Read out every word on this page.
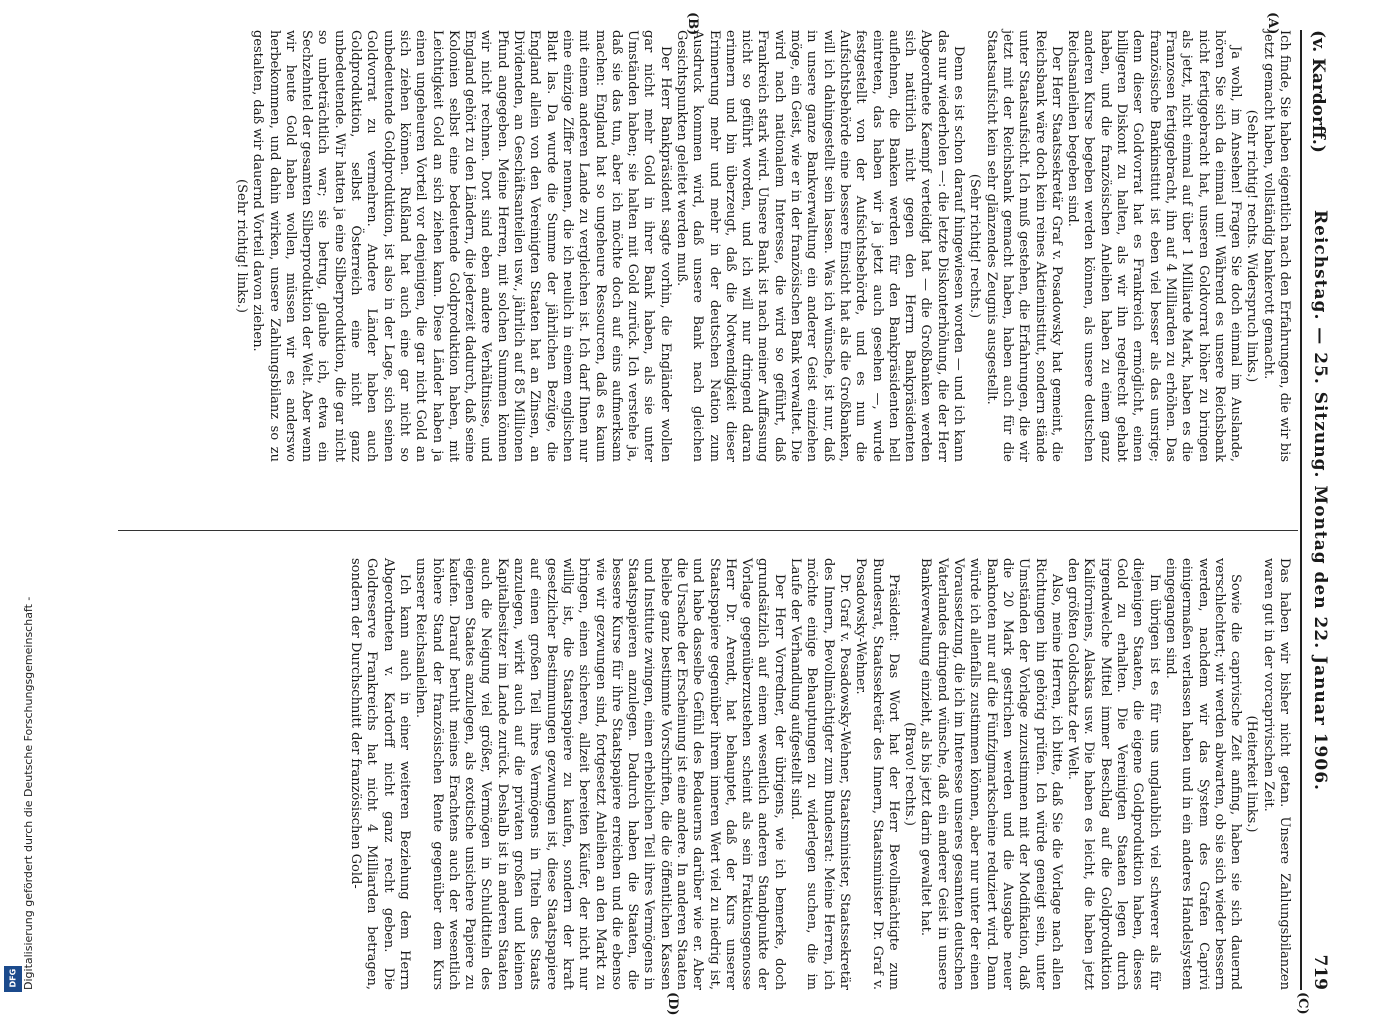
DFG Digitalisierung gefördert durch die Deutsche Forschungsgemeinschaft -
(v. Kardorff.)
Reichstag. — 25. Sitzung. Montag den 22. Januar 1906.
719
(A)
(B)
(C)
(D)

Ich finde, Sie haben eigentlich nach den Erfahrungen, die wir bis jetzt gemacht haben, vollständig bankerott gemacht.

(Sehr richtig! rechts. Widerspruch links.)

Ja wohl, im Ansehen! Fragen Sie doch einmal im Auslande, hören Sie sich da einmal um! Während es unsere Reichsbank nicht fertiggebracht hat, unseren Goldvorrat höher zu bringen als jetzt, nicht einmal auf über 1 Milliarde Mark, haben es die Franzosen fertiggebracht, ihn auf 4 Milliarden zu erhöhen. Das französische Bankinstitut ist eben viel besser als das unsrige; denn dieser Goldvorrat hat es Frankreich ermöglicht, einen billigeren Diskont zu halten, als wir ihn regelrecht gehabt haben, und die französischen Anleihen haben zu einem ganz anderen Kurse begeben werden können, als unsere deutschen Reichsanleihen begeben sind.

Der Herr Staatssekretär Graf v. Posadowsky hat gemeint, die Reichsbank wäre doch kein reines Aktieninstitut, sondern stände unter Staatsaufsicht. Ich muß gestehen, die Erfahrungen, die wir jetzt mit der Reichsbank gemacht haben, haben auch für die Staatsaufsicht kein sehr glänzendes Zeugnis ausgestellt.

(Sehr richtig! rechts.)

Denn es ist schon darauf hingewiesen worden — und ich kann das nur wiederholen —: die letzte Diskonterhöhung, die der Herr Abgeordnete Kaempf verteidigt hat — die Großbanken werden sich natürlich nicht gegen den Herrn Bankpräsidenten auflehnen, die Banken werden für den Bankpräsidenten hell eintreten, das haben wir ja jetzt auch gesehen —, wurde festgestellt von der Aufsichtsbehörde, und es nun die Aufsichtsbehörde eine bessere Einsicht hat als die Großbanken, will ich dahingestellt sein lassen. Was ich wünsche, ist nur, daß in unsere ganze Bankverwaltung ein anderer Geist einziehen möge, ein Geist, wie er in der französischen Bank verwaltet. Die wird nach nationalem Interesse, die wird so geführt, daß Frankreich stark wird. Unsere Bank ist nach meiner Auffassung nicht so geführt worden, und ich will nur dringend daran erinnern und bin überzeugt, daß die Notwendigkeit dieser Erinnerung mehr und mehr in der deutschen Nation zum Ausdruck kommen wird, daß unsere Bank nach gleichen Gesichtspunkten geleitet werden muß.

Der Herr Bankpräsident sagte vorhin, die Engländer wollen gar nicht mehr Gold in ihrer Bank haben, als sie unter Umständen haben; sie halten mit Gold zurück. Ich verstehe ja, daß sie das tun, aber ich möchte doch auf eins aufmerksam machen: England hat so ungeheure Ressourcen, daß es kaum mit einem anderen Lande zu vergleichen ist. Ich darf Ihnen nur eine einzige Ziffer nennen, die ich neulich in einem englischen Blatt las. Da wurde die Summe der jährlichen Bezüge, die England allein von den Vereinigten Staaten hat an Zinsen, an Dividenden, an Geschäftsanteilen usw., jährlich auf 85 Millionen Pfund angegeben. Meine Herren, mit solchen Summen können wir nicht rechnen. Dort sind eben andere Verhältnisse, und England gehört zu den Ländern, die jederzeit dadurch, daß seine Kolonien selbst eine bedeutende Goldproduktion haben, mit Leichtigkeit Gold an sich ziehen kann. Diese Länder haben ja einen ungeheuren Vorteil vor denjenigen, die gar nicht Gold an sich ziehen können. Rußland hat auch eine gar nicht so unbedeutende Goldproduktion, ist also in der Lage, sich seinen Goldvorrat zu vermehren. Andere Länder haben auch Goldproduktion, selbst Österreich eine nicht ganz unbedeutende. Wir hatten ja eine Silberproduktion, die gar nicht so unbeträchtlich war; sie betrug, glaube ich, etwa ein Sechzehntel der gesamten Silberproduktion der Welt. Aber wenn wir heute Gold haben wollen, müssen wir es anderswo herbekommen, und dahin wirken, unsere Zahlungsbilanz so zu gestalten, daß wir dauernd Vorteil davon ziehen.

(Sehr richtig! links.)

Das haben wir bisher nicht getan. Unsere Zahlungsbilanzen waren gut in der vorcaprivischen Zeit.

(Heiterkeit links.)

Sowie die caprivische Zeit anfing, haben sie sich dauernd verschlechtert; wir werden abwarten, ob sie sich wieder bessern werden, nachdem wir das System des Grafen Caprivi einigermaßen verlassen haben und in ein anderes Handelsystem eingegangen sind.

Im übrigen ist es für uns unglaublich viel schwerer als für diejenigen Staaten, die eigene Goldproduktion haben, dieses Gold zu erhalten. Die Vereinigten Staaten legen durch irgendwelche Mittel immer Beschlag auf die Goldproduktion Kaliforniens, Alaskas usw. Die haben es leicht, die haben jetzt den größten Goldschatz der Welt.

Also, meine Herren, ich bitte, daß Sie die Vorlage nach allen Richtungen hin gehörig prüfen. Ich würde geneigt sein, unter Umständen der Vorlage zuzustimmen mit der Modifikation, daß die 20 Mark gestrichen werden und die Ausgabe neuer Banknoten nur auf die Fünfzigmarkscheine reduziert wird. Dann würde ich allenfalls zustimmen können, aber nur unter der einen Voraussetzung, die ich im Interesse unseres gesamten deutschen Vaterlandes dringend wünsche, daß ein anderer Geist in unsere Bankverwaltung einzieht, als bis jetzt darin gewaltet hat.

(Bravo! rechts.)

Präsident: Das Wort hat der Herr Bevollmächtigte zum Bundesrat, Staatssekretär des Innern, Staatsminister Dr. Graf v. Posadowsky-Wehner.

Dr. Graf v. Posadowsky-Wehner, Staatsminister, Staatssekretär des Innern, Bevollmächtigter zum Bundesrat: Meine Herren, ich möchte einige Behauptungen zu widerlegen suchen, die im Laufe der Verhandlung aufgestellt sind.

Der Herr Vorredner, der übrigens, wie ich bemerke, doch grundsätzlich auf einem wesentlich anderen Standpunkte der Vorlage gegenüberzustehen scheint als sein Fraktionsgenosse Herr Dr. Arendt, hat behauptet, daß der Kurs unserer Staatspapiere gegenüber ihrem inneren Wert viel zu niedrig ist, und habe dasselbe Gefühl des Bedauerns darüber wie er. Aber die Ursache der Erscheinung ist eine andere. In anderen Staaten beliebe ganz bestimmte Vorschriften, die die öffentlichen Kassen und Institute zwingen, einen erheblichen Teil ihres Vermögens in Staatspapieren anzulegen. Dadurch haben die Staaten, die bessere Kurse für ihre Staatspapiere erreichen und die ebenso wie wir gezwungen sind, fortgesetzt Anleihen an den Markt zu bringen, einen sicheren, allzeit bereiten Käufer, der nicht nur willig ist, die Staatspapiere zu kaufen, sondern der kraft gesetzlicher Bestimmungen gezwungen ist, diese Staatspapiere auf einen großen Teil ihres Vermögens in Titeln des Staats anzulegen, wirkt auch auf die privaten großen und kleinen Kapitalbesitzer im Lande zurück. Deshalb ist in anderen Staaten auch die Neigung viel größer, Vermögen in Schuldtiteln des eigenen Staates anzulegen, als exotische unsichere Papiere zu kaufen. Darauf beruht meines Erachtens auch der wesentlich höhere Stand der französischen Rente gegenüber dem Kurs unserer Reichsanleihen.

Ich kann auch in einer weiteren Beziehung dem Herrn Abgeordneten v. Kardorff nicht ganz recht geben. Die Goldreserve Frankreichs hat nicht 4 Milliarden betragen, sondern der Durchschnitt der französischen Gold-
